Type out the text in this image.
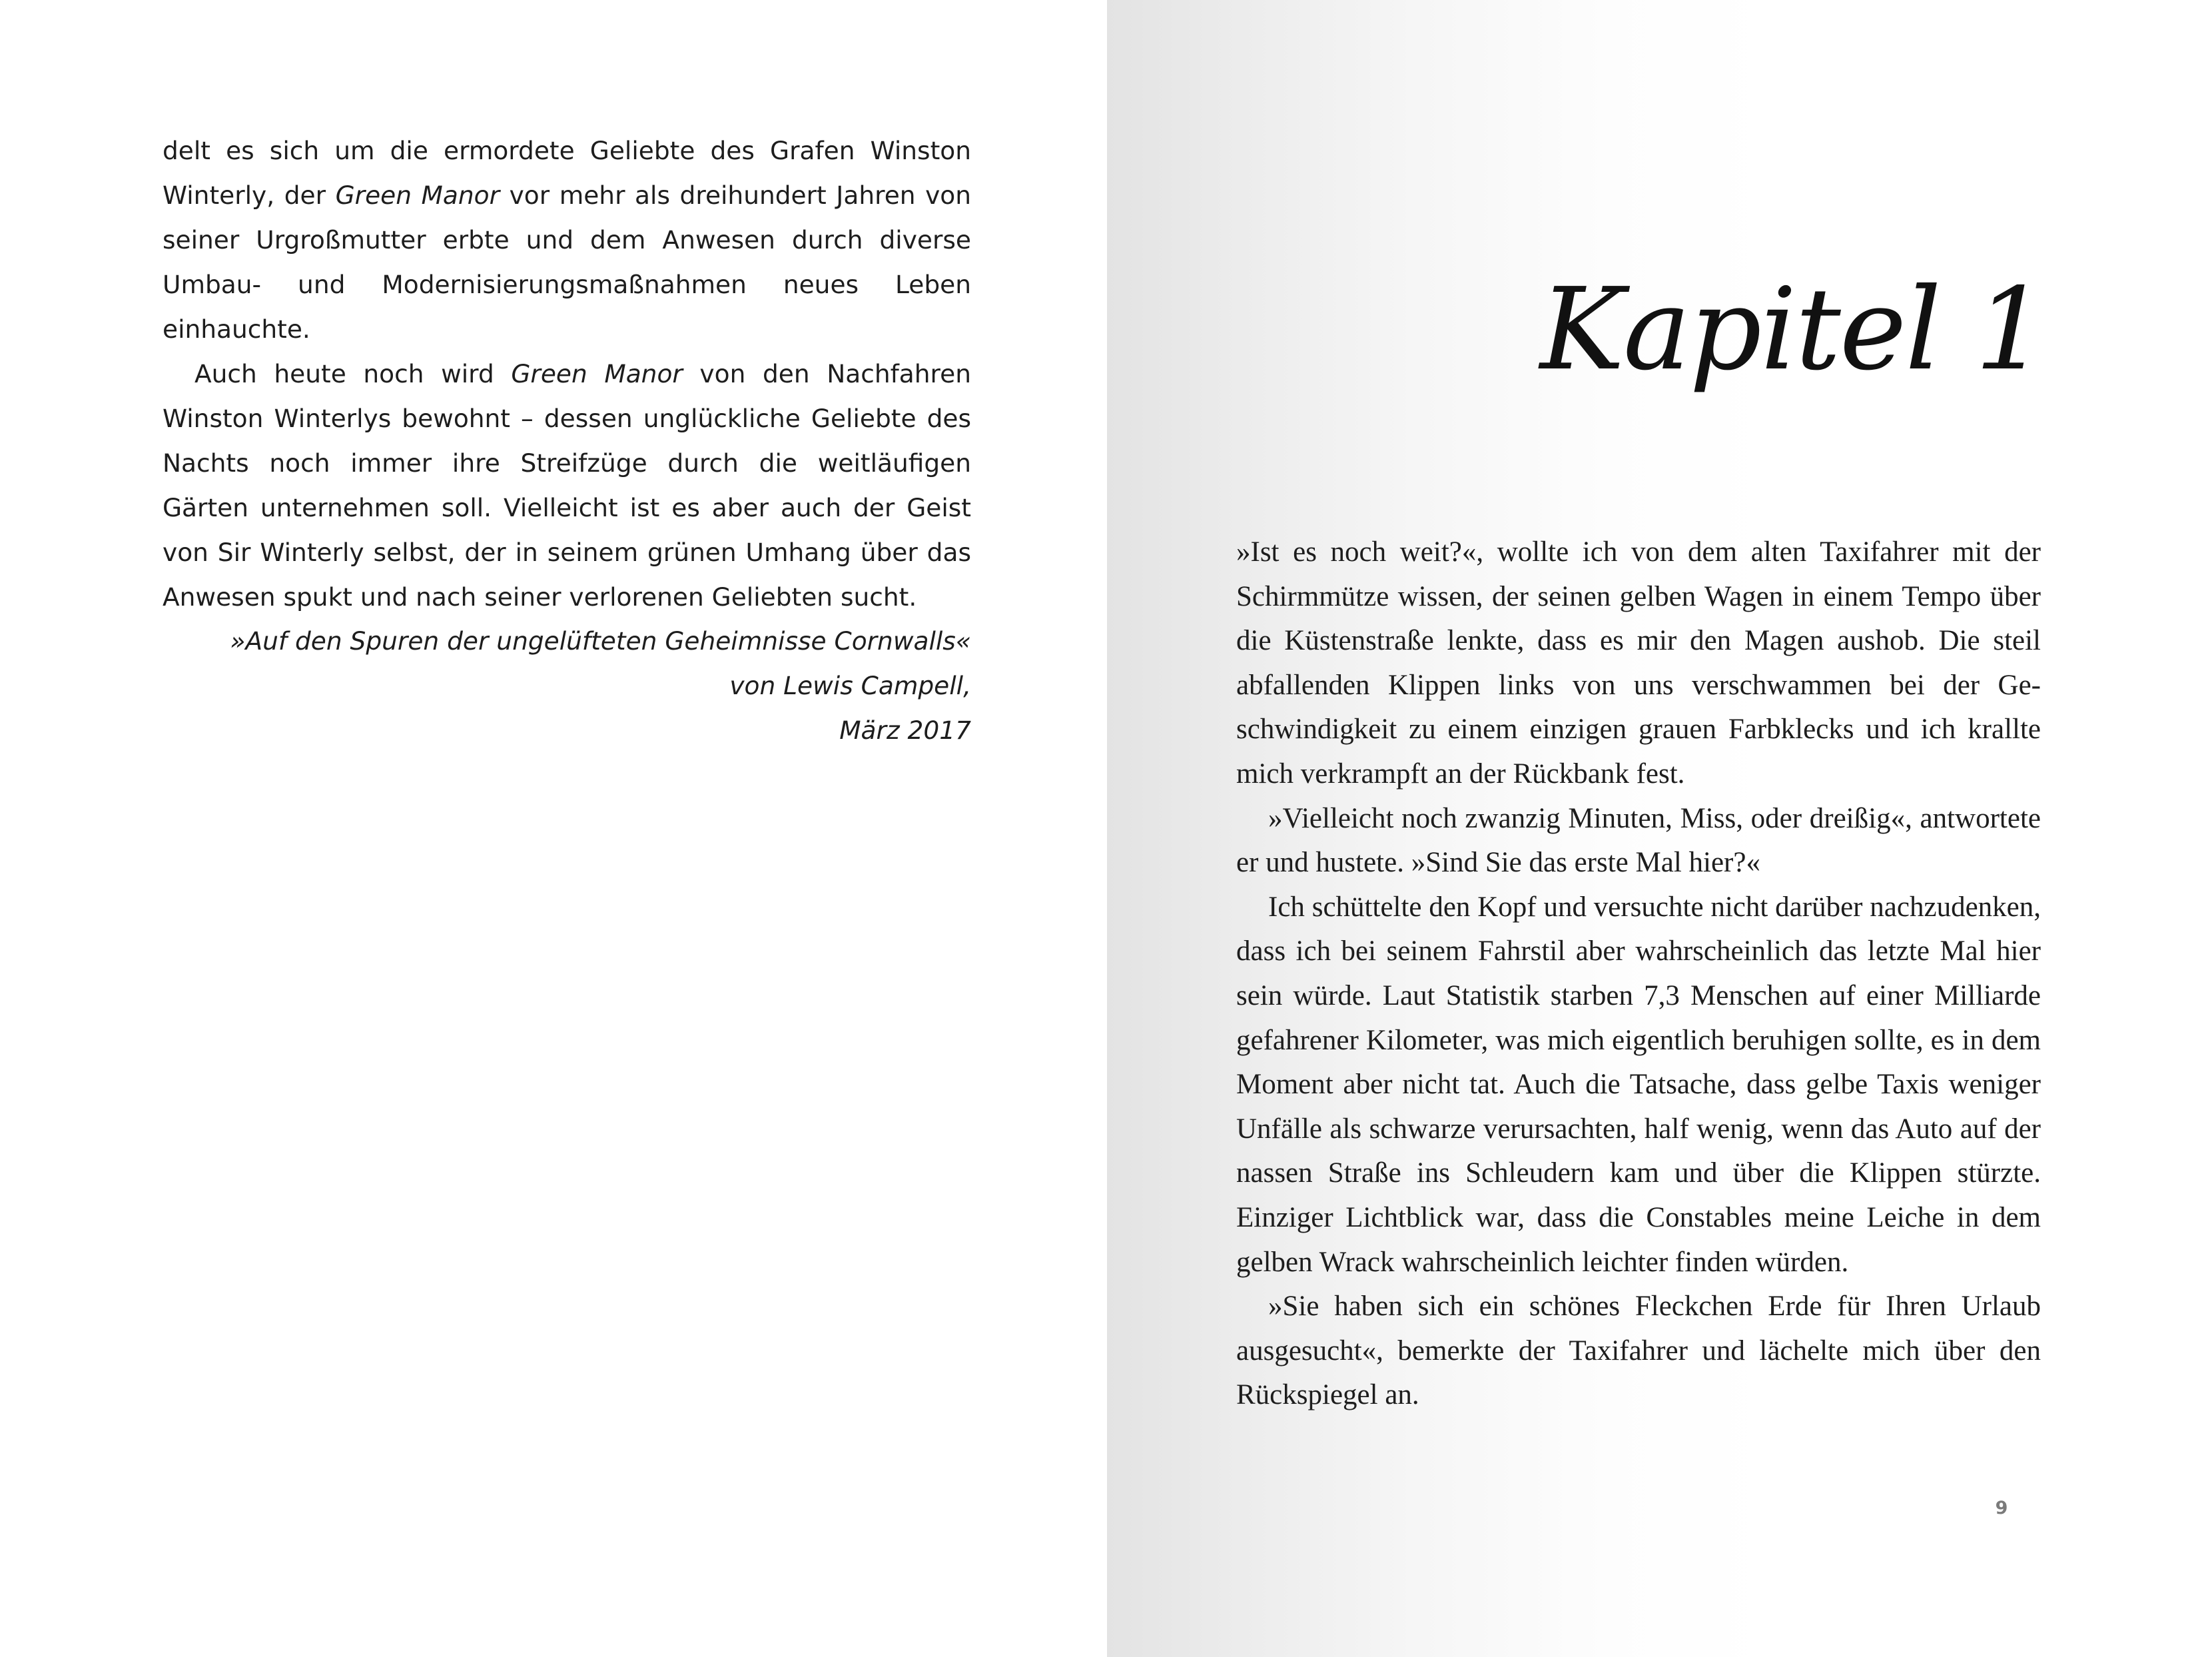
delt es sich um die ermordete Geliebte des Grafen Winston Winterly, der Green Manor vor mehr als dreihundert Jahren von seiner Urgroßmutter erbte und dem Anwesen durch diverse Umbau- und Modernisierungsmaßnahmen neues Leben einhauchte.

Auch heute noch wird Green Manor von den Nachfahren Winston Winterlys bewohnt – dessen unglückliche Geliebte des Nachts noch immer ihre Streifzüge durch die weitläufigen Gärten unternehmen soll. Vielleicht ist es aber auch der Geist von Sir Winterly selbst, der in seinem grünen Umhang über das Anwesen spukt und nach seiner verlorenen Geliebten sucht.

»Auf den Spuren der ungelüfteten Geheimnisse Cornwalls«
von Lewis Campell,
März 2017
Kapitel 1

»Ist es noch weit?«, wollte ich von dem alten Taxifahrer mit der Schirmmütze wissen, der seinen gelben Wagen in einem Tempo über die Küstenstraße lenkte, dass es mir den Magen aushob. Die steil abfallenden Klippen links von uns verschwammen bei der Geschwindigkeit zu einem einzigen grauen Farbklecks und ich krallte mich verkrampft an der Rückbank fest.

»Vielleicht noch zwanzig Minuten, Miss, oder dreißig«, antwortete er und hustete. »Sind Sie das erste Mal hier?«

Ich schüttelte den Kopf und versuchte nicht darüber nachzudenken, dass ich bei seinem Fahrstil aber wahrscheinlich das letzte Mal hier sein würde. Laut Statistik starben 7,3 Menschen auf einer Milliarde gefahrener Kilometer, was mich eigentlich beruhigen sollte, es in dem Moment aber nicht tat. Auch die Tatsache, dass gelbe Taxis weniger Unfälle als schwarze verursachten, half wenig, wenn das Auto auf der nassen Straße ins Schleudern kam und über die Klippen stürzte. Einziger Lichtblick war, dass die Constables meine Leiche in dem gelben Wrack wahrscheinlich leichter finden würden.

»Sie haben sich ein schönes Fleckchen Erde für Ihren Urlaub ausgesucht«, bemerkte der Taxifahrer und lächelte mich über den Rückspiegel an.

9
